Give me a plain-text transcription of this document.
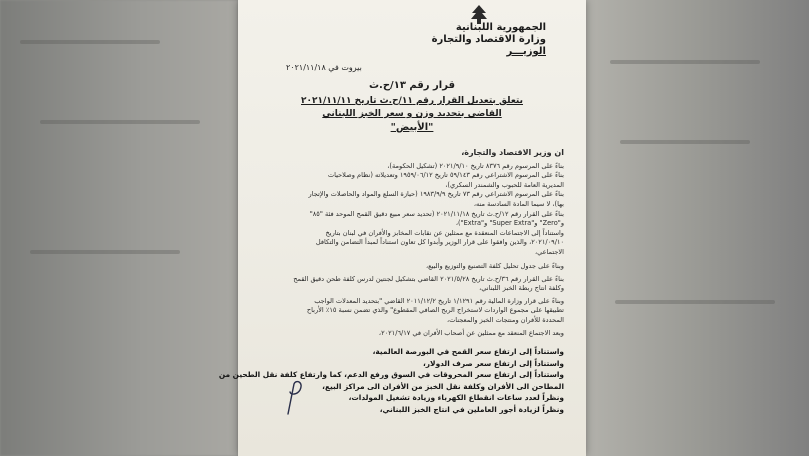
الجمهورية اللبنانية
وزارة الاقتصاد والتجارة
الوزيـــر
بيروت في ٢٠٢١/١١/١٨
قرار رقم ١٣/ح.ث
يتعلق بتعديل القرار رقم ١١/ح.ث تاريخ ٢٠٢١/١١/١١
القاضي بتحديد وزن و سعر الخبز اللبناني
"الأبيض"
ان وزير الاقتصاد والتجارة،
بناءً على المرسوم رقم ٨٣٧٦ تاريخ ٢٠٢١/٩/١٠ (تشكيل الحكومة)،
بناءً على المرسوم الاشتراعي رقم ٥٩/١٤٣ تاريخ ١٩٥٩/٠٦/١٢ وتعديلاته (نظام وصلاحيات
المديرية العامة للحبوب والشمندر السكري)،
بناءً على المرسوم الاشتراعي رقم ٧٣ تاريخ ١٩٨٣/٩/٩ (حيازة السلع والمواد والحاصلات والإتجار
بها)، لا سيما المادة السادسة منه،
بناءً على القرار رقم ١٢/ح.ث تاريخ ٢٠٢١/١١/١٨ (تحديد سعر مبيع دقيق القمح الموحد فئة "٨٥"
و"Zero" و"Super Extra" و"Extra")،
واستناداً إلى الاجتماعات المنعقدة مع ممثلين عن نقابات المخابز والأفران في لبنان بتاريخ
٢٠٢١/٠٩/١٠، والذين وافقوا على قرار الوزير وأبدوا كل تعاون استناداً لمبدأ التضامن والتكافل
الاجتماعي،
وبناءً على جدول تحليل كلفة التصنيع والتوزيع والبيع،
بناءً على القرار رقم ٣٦/ح.ث تاريخ ٢٠٢١/٥/٢٨ القاضي بتشكيل لجنتين لدرس كلفة طحن دقيق القمح
وكلفة انتاج ربطة الخبز اللبناني،
وبناءً على قرار وزارة المالية رقم ١/١٢٩١ تاريخ ٢٠١١/١٢/٢ القاضي "بتحديد المعدلات الواجب
تطبيقها على مجموع الواردات لاستخراج الربح الصافي المقطوع" والذي تضمن نسبة ١٥٪ الأرباح
المحددة للأفران ومنتجات الخبز والمعجنات،
وبعد الاجتماع المنعقد مع ممثلين عن أصحاب الأفران في ٢٠٢١/٦/١٧،
واستناداً إلى ارتفاع سعر القمح في البورصة العالمية،
واستناداً إلى ارتفاع سعر صرف الدولار،
واستناداً إلى ارتفاع سعر المحروقات في السوق ورفع الدعم، كما وارتفاع كلفة نقل الطحين من
المطاحن الى الأفران وكلفة نقل الخبز من الأفران الى مراكز البيع،
ونظراً لعدد ساعات انقطاع الكهرباء وزيادة تشغيل المولدات،
ونظراً لزيادة أجور العاملين في انتاج الخبز اللبناني،
